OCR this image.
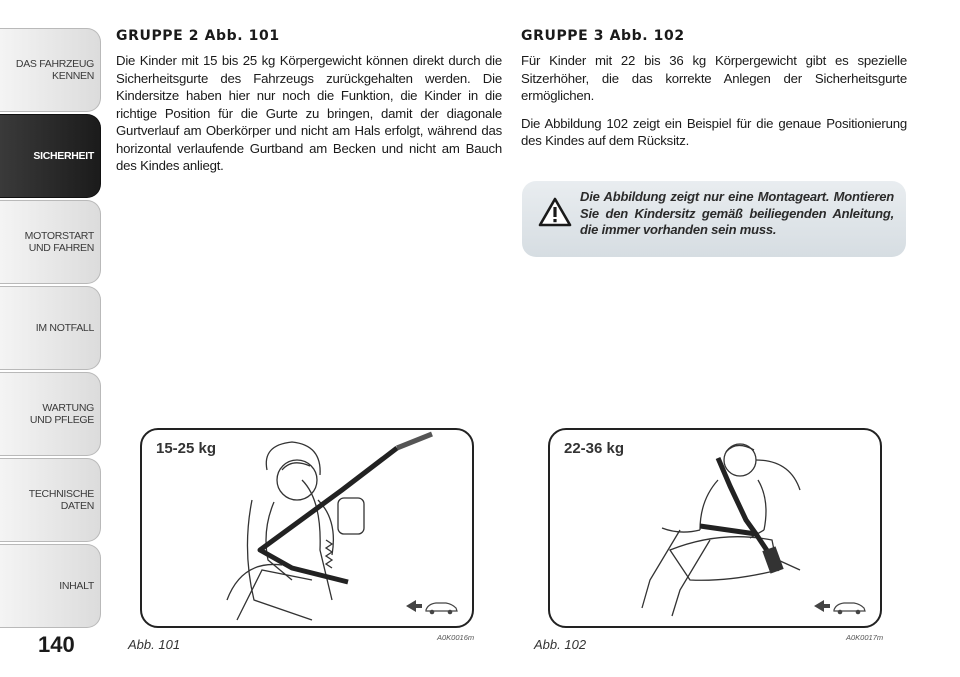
DAS FAHRZEUG
KENNEN
SICHERHEIT
MOTORSTART
UND FAHREN
IM NOTFALL
WARTUNG
UND PFLEGE
TECHNISCHE
DATEN
INHALT
140
GRUPPE 2 Abb. 101

Die Kinder mit 15 bis 25 kg Körpergewicht können direkt durch die Sicherheitsgurte des Fahrzeugs zurückgehalten werden. Die Kindersitze haben hier nur noch die Funktion, die Kinder in die richtige Position für die Gurte zu bringen, damit der diagonale Gurtverlauf am Oberkörper und nicht am Hals erfolgt, während das horizontal verlaufende Gurtband am Becken und nicht am Bauch des Kindes anliegt.

GRUPPE 3 Abb. 102

Für Kinder mit 22 bis 36 kg Körpergewicht gibt es spezielle Sitzerhöher, die das korrekte Anlegen der Sicherheitsgurte ermöglichen.

Die Abbildung 102 zeigt ein Beispiel für die genaue Positionierung des Kindes auf dem Rücksitz.

Die Abbildung zeigt nur eine Montageart. Montieren Sie den Kindersitz gemäß beiliegenden Anleitung, die immer vorhanden sein muss.
15-25 kg
Abb. 101	A0K0016m
22-36 kg
Abb. 102	A0K0017m
